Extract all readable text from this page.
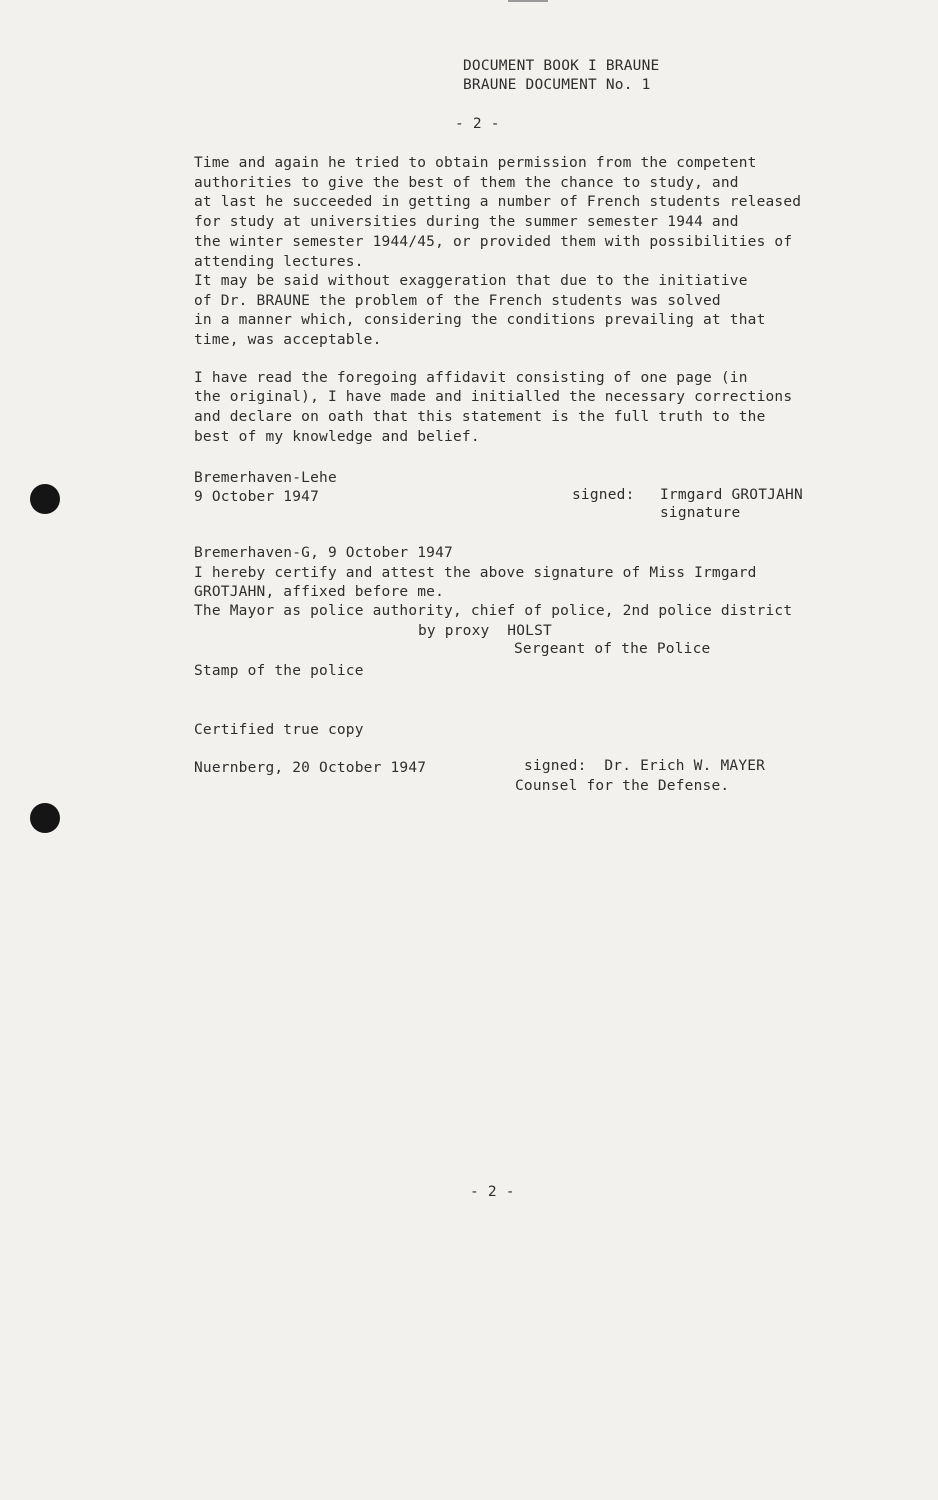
DOCUMENT BOOK I BRAUNE
BRAUNE DOCUMENT No. 1
- 2 -
Time and again he tried to obtain permission from the competent
authorities to give the best of them the chance to study, and
at last he succeeded in getting a number of French students released
for study at universities during the summer semester 1944 and
the winter semester 1944/45, or provided them with possibilities of
attending lectures.
It may be said without exaggeration that due to the initiative
of Dr. BRAUNE the problem of the French students was solved
in a manner which, considering the conditions prevailing at that
time, was acceptable.
I have read the foregoing affidavit consisting of one page (in
the original), I have made and initialled the necessary corrections
and declare on oath that this statement is the full truth to the
best of my knowledge and belief.
Bremerhaven-Lehe
9 October 1947	signed: Irmgard GROTJAHN
signature
Bremerhaven-G, 9 October 1947
I hereby certify and attest the above signature of Miss Irmgard
GROTJAHN, affixed before me.
The Mayor as police authority, chief of police, 2nd police district
by proxy  HOLST
Sergeant of the Police
Stamp of the police
Certified true copy
Nuernberg, 20 October 1947	signed:  Dr. Erich W. MAYER
Counsel for the Defense.
- 2 -
